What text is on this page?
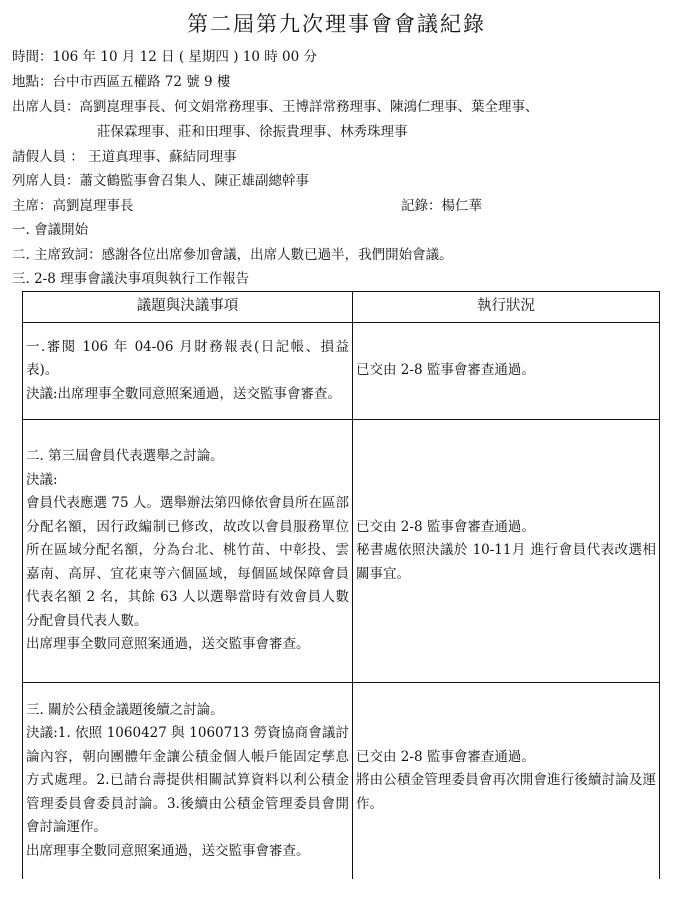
第二屆第九次理事會會議紀錄
時間：106 年 10 月 12 日 ( 星期四 ) 10 時 00 分
地點：台中市西區五權路 72 號 9 樓
出席人員：高劉崑理事長、何文娟常務理事、王博詳常務理事、陳鴻仁理事、葉全理事、
莊保霖理事、莊和田理事、徐振貴理事、林秀珠理事
請假人員 ： 王道真理事、蘇結同理事
列席人員：蕭文鶴監事會召集人、陳正雄副總幹事
主席：高劉崑理事長	記錄：楊仁華
一. 會議開始
二. 主席致詞：感謝各位出席參加會議，出席人數已過半，我們開始會議。
三. 2-8 理事會議決事項與執行工作報告
議題與決議事項	執行狀況

一.審閱 106 年 04-06 月財務報表(日記帳、損益表)。
決議:出席理事全數同意照案通過，送交監事會審查。	已交由 2-8 監事會審查通過。

二. 第三屆會員代表選舉之討論。
決議:
會員代表應選 75 人。選舉辦法第四條依會員所在區部分配名額，因行政編制已修改，故改以會員服務單位所在區域分配名額，分為台北、桃竹苗、中彰投、雲嘉南、高屏、宜花東等六個區域，每個區域保障會員代表名額 2 名，其餘 63 人以選舉當時有效會員人數分配會員代表人數。
出席理事全數同意照案通過，送交監事會審查。	已交由 2-8 監事會審查通過。
秘書處依照決議於 10-11月 進行會員代表改選相關事宜。

三. 關於公積金議題後續之討論。
決議:1. 依照 1060427 與 1060713 勞資協商會議討論內容，朝向團體年金讓公積金個人帳戶能固定孳息方式處理。2.已請台壽提供相關試算資料以利公積金管理委員會委員討論。3.後續由公積金管理委員會開會討論運作。
出席理事全數同意照案通過，送交監事會審查。	已交由 2-8 監事會審查通過。
將由公積金管理委員會再次開會進行後續討論及運作。
